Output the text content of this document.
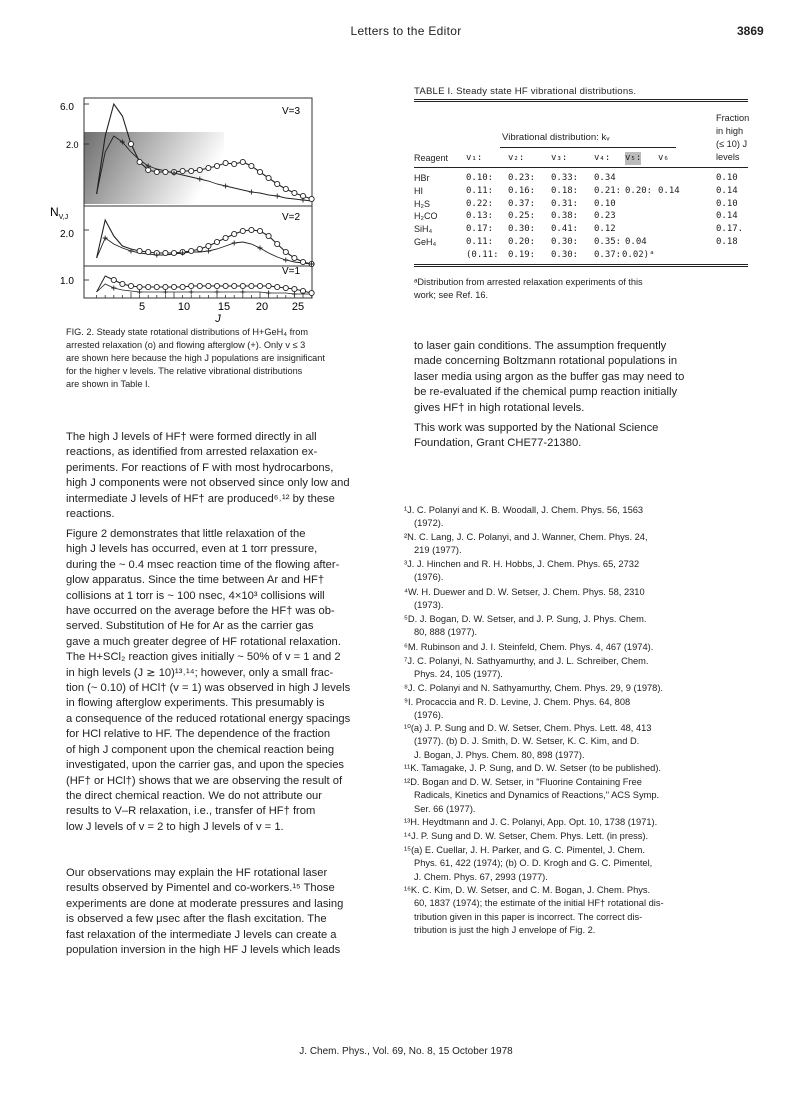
Letters to the Editor	3869
V=3
V=2
V=1
6.0
2.0
2.0
1.0
$N_{V,J}$
5	10	15 20 25
J
FIG. 2. Steady state rotational distributions of H+GeH₄ from
arrested relaxation (o) and flowing afterglow (+). Only v ≤ 3
are shown here because the high J populations are insignificant
for the higher v levels. The relative vibrational distributions
are shown in Table I.
TABLE I. Steady state HF vibrational distributions.
Fraction
in high
(≤ 10) J
levels
Vibrational distribution: kᵥ
Reagent v₁:	v₂:	v₃:	v₄: v₅: v₆
HBr	0.10: 0.23: 0.33: 0.34	0.10
HI	0.11: 0.16: 0.18: 0.21: 0.20: 0.14	0.14
H₂S	0.22: 0.37: 0.31: 0.10	0.10
H₂CO	0.13: 0.25: 0.38: 0.23	0.14
SiH₄	0.17: 0.30: 0.41: 0.12	0.17.
GeH₄	0.11: 0.20: 0.30: 0.35: 0.04	0.18
(0.11: 0.19: 0.30: 0.37: 0.02)ᵃ
ᵃDistribution from arrested relaxation experiments of this
work; see Ref. 16.
The high J levels of HF† were formed directly in all
reactions, as identified from arrested relaxation ex-
periments. For reactions of F with most hydrocarbons,
high J components were not observed since only low and
intermediate J levels of HF† are produced⁶˒¹² by these
reactions.
Figure 2 demonstrates that little relaxation of the
high J levels has occurred, even at 1 torr pressure,
during the ~ 0.4 msec reaction time of the flowing after-
glow apparatus. Since the time between Ar and HF†
collisions at 1 torr is ~ 100 nsec, 4×10³ collisions will
have occurred on the average before the HF† was ob-
served. Substitution of He for Ar as the carrier gas
gave a much greater degree of HF rotational relaxation.
The H+SCl₂ reaction gives initially ~ 50% of v = 1 and 2
in high levels (J ≳ 10)¹³˒¹⁴; however, only a small frac-
tion (~ 0.10) of HCl† (v = 1) was observed in high J levels
in flowing afterglow experiments. This presumably is
a consequence of the reduced rotational energy spacings
for HCl relative to HF. The dependence of the fraction
of high J component upon the chemical reaction being
investigated, upon the carrier gas, and upon the species
(HF† or HCl†) shows that we are observing the result of
the direct chemical reaction. We do not attribute our
results to V–R relaxation, i.e., transfer of HF† from
low J levels of v = 2 to high J levels of v = 1.
Our observations may explain the HF rotational laser
results observed by Pimentel and co-workers.¹⁵ Those
experiments are done at moderate pressures and lasing
is observed a few μsec after the flash excitation. The
fast relaxation of the intermediate J levels can create a
population inversion in the high HF J levels which leads
to laser gain conditions. The assumption frequently
made concerning Boltzmann rotational populations in
laser media using argon as the buffer gas may need to
be re-evaluated if the chemical pump reaction initially
gives HF† in high rotational levels.
This work was supported by the National Science
Foundation, Grant CHE77-21380.
¹J. C. Polanyi and K. B. Woodall, J. Chem. Phys. 56, 1563
(1972).
²N. C. Lang, J. C. Polanyi, and J. Wanner, Chem. Phys. 24,
219 (1977).
³J. J. Hinchen and R. H. Hobbs, J. Chem. Phys. 65, 2732
(1976).
⁴W. H. Duewer and D. W. Setser, J. Chem. Phys. 58, 2310
(1973).
⁵D. J. Bogan, D. W. Setser, and J. P. Sung, J. Phys. Chem.
80, 888 (1977).
⁶M. Rubinson and J. I. Steinfeld, Chem. Phys. 4, 467 (1974).
⁷J. C. Polanyi, N. Sathyamurthy, and J. L. Schreiber, Chem.
Phys. 24, 105 (1977).
⁸J. C. Polanyi and N. Sathyamurthy, Chem. Phys. 29, 9 (1978).
⁹I. Procaccia and R. D. Levine, J. Chem. Phys. 64, 808
(1976).
¹⁰(a) J. P. Sung and D. W. Setser, Chem. Phys. Lett. 48, 413
(1977). (b) D. J. Smith, D. W. Setser, K. C. Kim, and D.
J. Bogan, J. Phys. Chem. 80, 898 (1977).
¹¹K. Tamagake, J. P. Sung, and D. W. Setser (to be published).
¹²D. Bogan and D. W. Setser, in "Fluorine Containing Free
Radicals, Kinetics and Dynamics of Reactions," ACS Symp.
Ser. 66 (1977).
¹³H. Heydtmann and J. C. Polanyi, App. Opt. 10, 1738 (1971).
¹⁴J. P. Sung and D. W. Setser, Chem. Phys. Lett. (in press).
¹⁵(a) E. Cuellar, J. H. Parker, and G. C. Pimentel, J. Chem.
Phys. 61, 422 (1974); (b) O. D. Krogh and G. C. Pimentel,
J. Chem. Phys. 67, 2993 (1977).
¹⁶K. C. Kim, D. W. Setser, and C. M. Bogan, J. Chem. Phys.
60, 1837 (1974); the estimate of the initial HF† rotational dis-
tribution given in this paper is incorrect. The correct dis-
tribution is just the high J envelope of Fig. 2.
J. Chem. Phys., Vol. 69, No. 8, 15 October 1978
